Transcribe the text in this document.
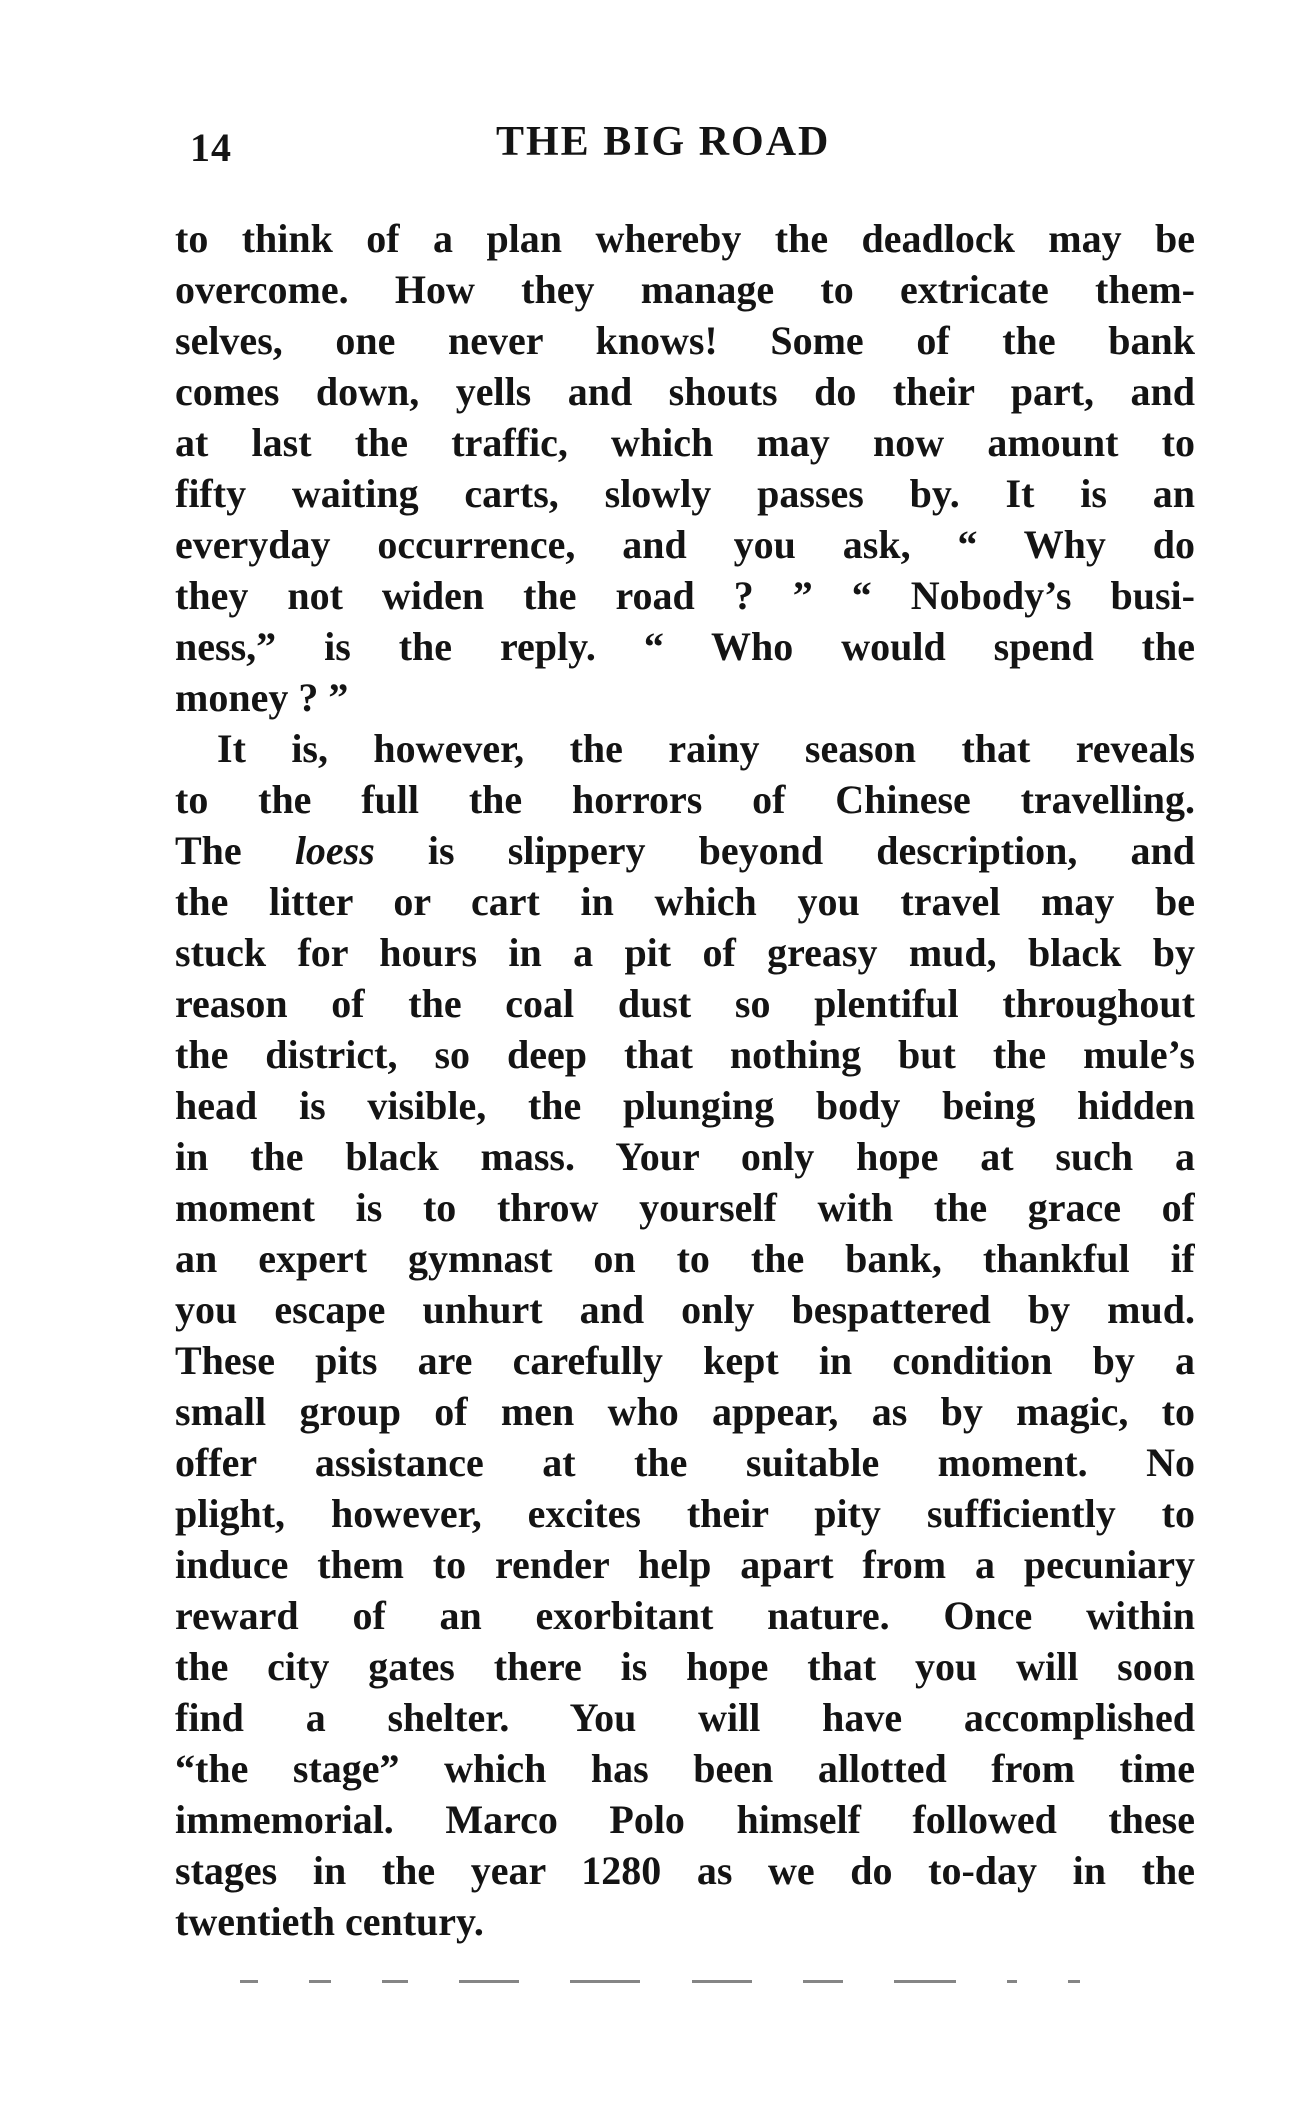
14	THE BIG ROAD
to think of a plan whereby the deadlock may be
overcome. How they manage to extricate them-
selves, one never knows! Some of the bank
comes down, yells and shouts do their part, and
at last the traffic, which may now amount to
fifty waiting carts, slowly passes by. It is an
everyday occurrence, and you ask, “ Why do
they not widen the road ? ” “ Nobody’s busi-
ness,” is the reply. “ Who would spend the
money ? ”
It is, however, the rainy season that reveals
to the full the horrors of Chinese travelling.
The loess is slippery beyond description, and
the litter or cart in which you travel may be
stuck for hours in a pit of greasy mud, black by
reason of the coal dust so plentiful throughout
the district, so deep that nothing but the mule’s
head is visible, the plunging body being hidden
in the black mass. Your only hope at such a
moment is to throw yourself with the grace of
an expert gymnast on to the bank, thankful if
you escape unhurt and only bespattered by mud.
These pits are carefully kept in condition by a
small group of men who appear, as by magic, to
offer assistance at the suitable moment. No
plight, however, excites their pity sufficiently to
induce them to render help apart from a pecuniary
reward of an exorbitant nature. Once within
the city gates there is hope that you will soon
find a shelter. You will have accomplished
“the stage” which has been allotted from time
immemorial. Marco Polo himself followed these
stages in the year 1280 as we do to-day in the
twentieth century.
